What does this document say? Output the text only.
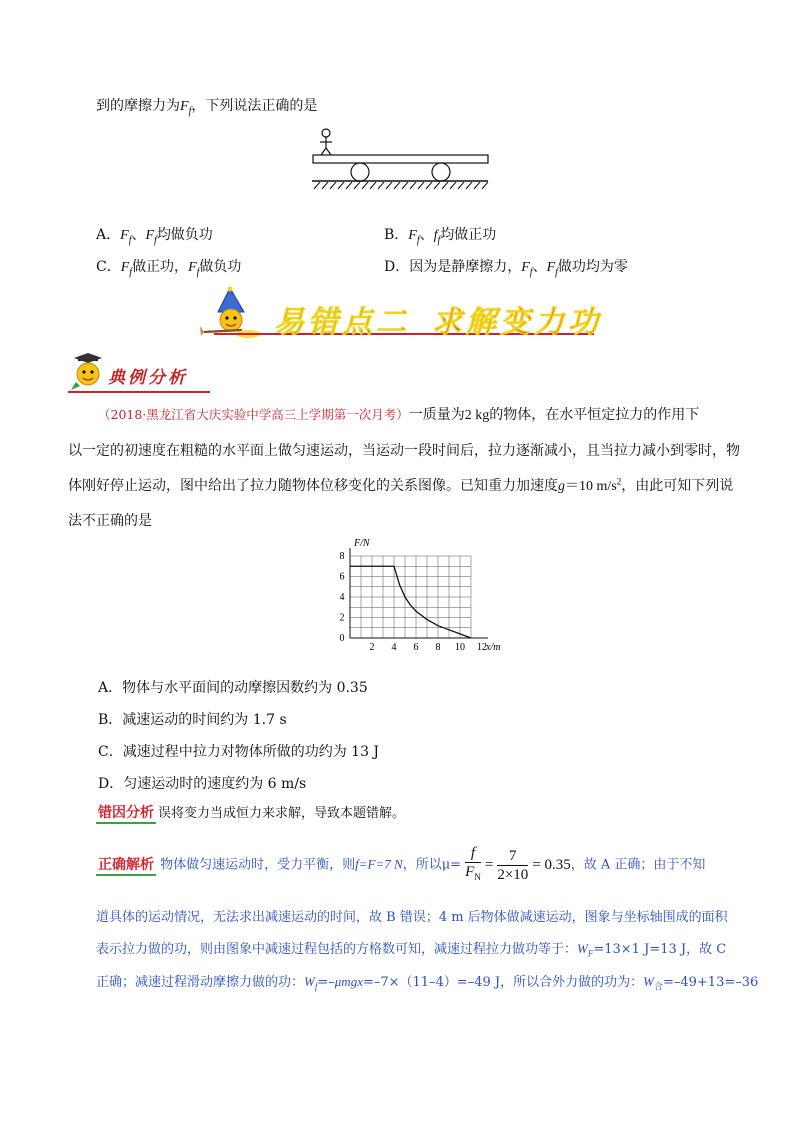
到的摩擦力为$F_f$，下列说法正确的是
A．$F_f$、$F_f$均做负功	B．$F_f$、$f_f$均做正功
C．$F_f$做正功，$F_f$做负功	D．因为是静摩擦力，$F_f$、$F_f$做功均为零
易错点二 求解变力功
典例分析
（2018·黑龙江省大庆实验中学高三上学期第一次月考）一质量为2 kg的物体，在水平恒定拉力的作用下
以一定的初速度在粗糙的水平面上做匀速运动，当运动一段时间后，拉力逐渐减小，且当拉力减小到零时，物
体刚好停止运动，图中给出了拉力随物体位移变化的关系图像。已知重力加速度g＝10 $m/s^2$，由此可知下列说
法不正确的是
2 4 6 8 10 12
0
2
4
6
8
F/N
x/m
A．物体与水平面间的动摩擦因数约为 0.35
B．减速运动的时间约为 1.7 s
C．减速过程中拉力对物体所做的功约为 13 J
D．匀速运动时的速度约为 6 m/s
错因分析 误将变力当成恒力来求解，导致本题错解。
正确解析 物体做匀速运动时，受力平衡，则f=F=7 N，所以$\mu= \frac{f}{F_N} = \frac{7}{2\times 10} = 0.35$，故 A 正确；由于不知
道具体的运动情况，无法求出减速运动的时间，故 B 错误；4 m 后物体做减速运动，图象与坐标轴围成的面积
表示拉力做的功，则由图象中减速过程包括的方格数可知，减速过程拉力做功等于：$W_F=13\times 1$ J=13 J，故 C
正确；减速过程滑动摩擦力做的功：$W_f=-\mu mgx=-7\times(11-4)=-49$ J，所以合外力做的功为：$W_合=-49+13=-36$
